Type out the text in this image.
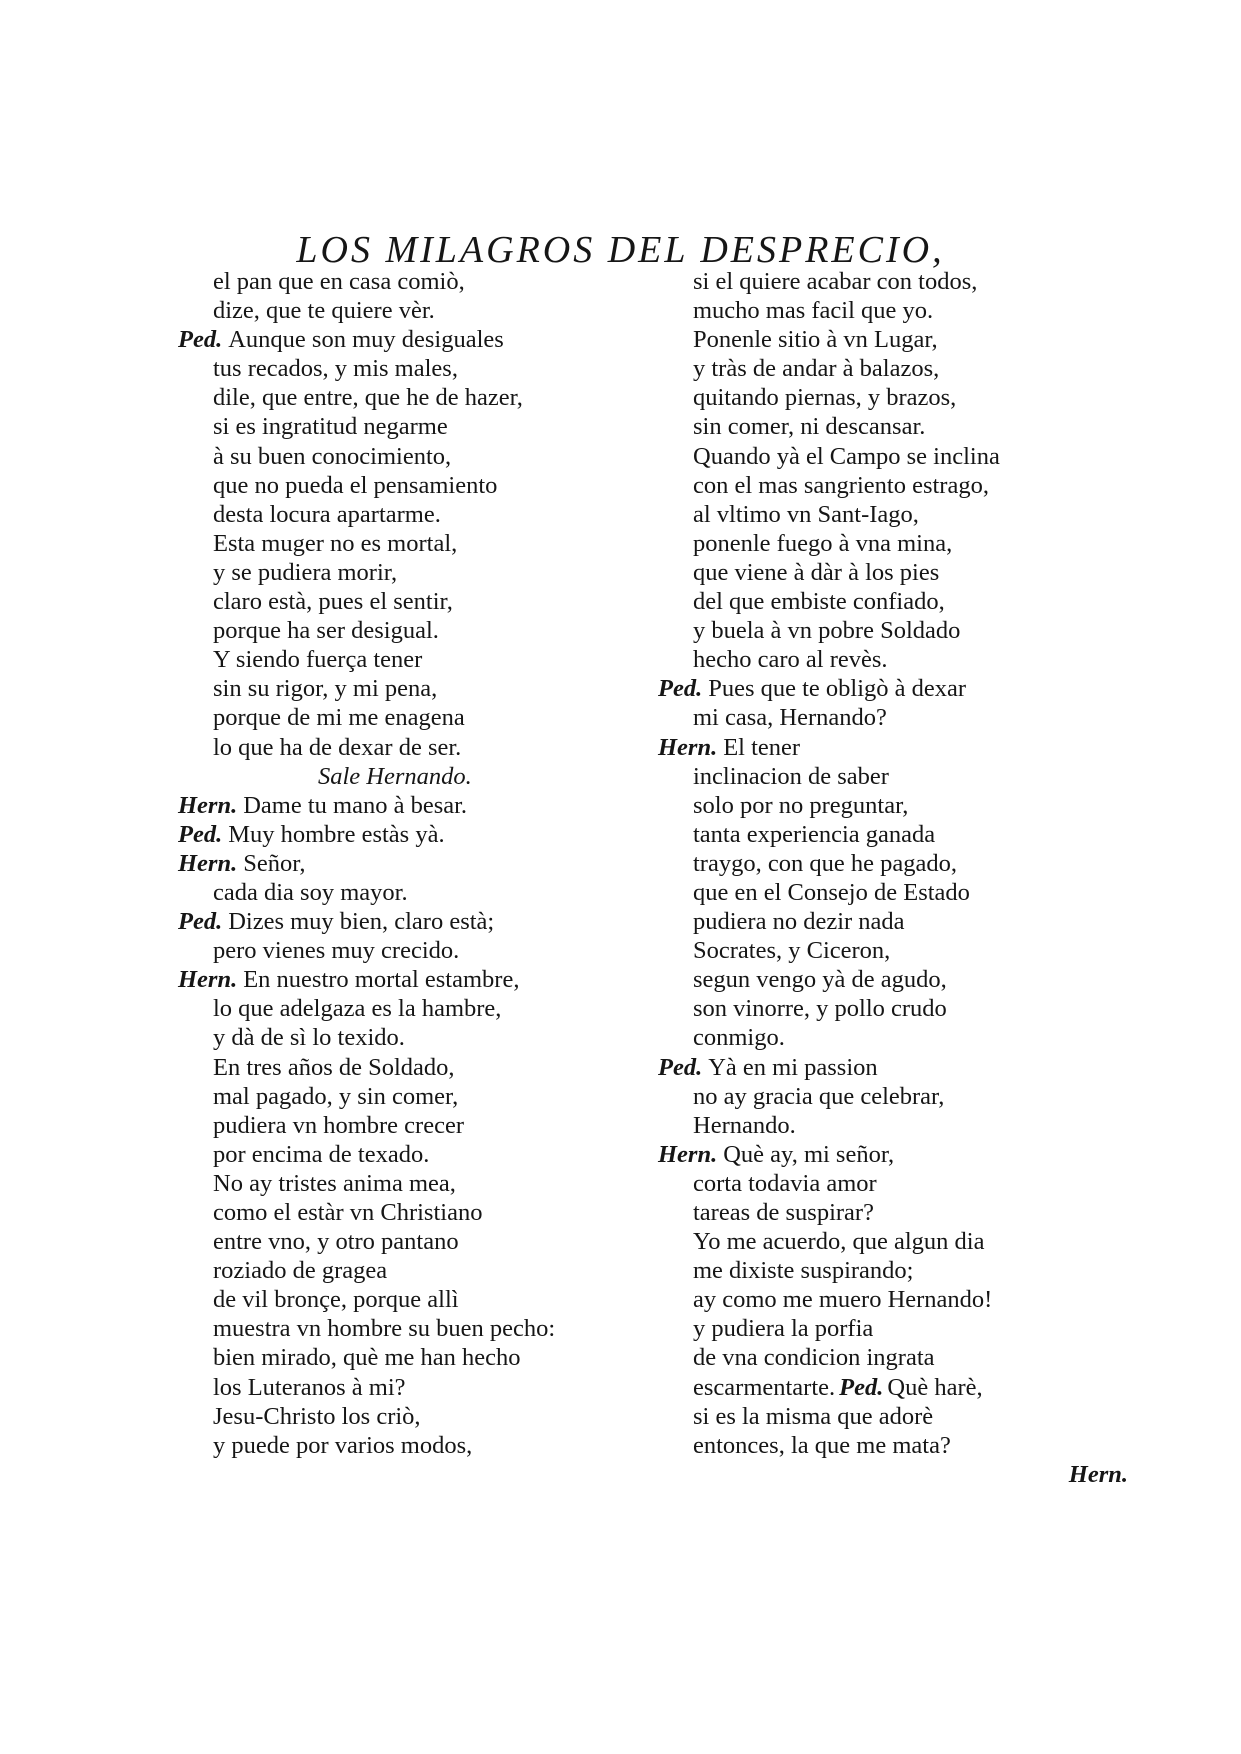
LOS MILAGROS DEL DESPRECIO,
el pan que en casa comiò,
dize, que te quiere vèr.
Ped. Aunque son muy desiguales
tus recados, y mis males,
dile, que entre, que he de hazer,
si es ingratitud negarme
à su buen conocimiento,
que no pueda el pensamiento
desta locura apartarme.
Esta muger no es mortal,
y se pudiera morir,
claro està, pues el sentir,
porque ha ser desigual.
Y siendo fuerça tener
sin su rigor, y mi pena,
porque de mi me enagena
lo que ha de dexar de ser.
Sale Hernando.
Hern. Dame tu mano à besar.
Ped. Muy hombre estàs yà.
Hern. Señor,
cada dia soy mayor.
Ped. Dizes muy bien, claro està;
pero vienes muy crecido.
Hern. En nuestro mortal estambre,
lo que adelgaza es la hambre,
y dà de sì lo texido.
En tres años de Soldado,
mal pagado, y sin comer,
pudiera vn hombre crecer
por encima de texado.
No ay tristes anima mea,
como el estàr vn Christiano
entre vno, y otro pantano
roziado de gragea
de vil bronçe, porque allì
muestra vn hombre su buen pecho:
bien mirado, què me han hecho
los Luteranos à mi?
Jesu-Christo los criò,
y puede por varios modos,
si el quiere acabar con todos,
mucho mas facil que yo.
Ponenle sitio à vn Lugar,
y tràs de andar à balazos,
quitando piernas, y brazos,
sin comer, ni descansar.
Quando yà el Campo se inclina
con el mas sangriento estrago,
al vltimo vn Sant-Iago,
ponenle fuego à vna mina,
que viene à dàr à los pies
del que embiste confiado,
y buela à vn pobre Soldado
hecho caro al revès.
Ped. Pues que te obligò à dexar
mi casa, Hernando?
Hern. El tener
inclinacion de saber
solo por no preguntar,
tanta experiencia ganada
traygo, con que he pagado,
que en el Consejo de Estado
pudiera no dezir nada
Socrates, y Ciceron,
segun vengo yà de agudo,
son vinorre, y pollo crudo
conmigo.
Ped. Yà en mi passion
no ay gracia que celebrar,
Hernando.
Hern. Què ay, mi señor,
corta todavia amor
tareas de suspirar?
Yo me acuerdo, que algun dia
me dixiste suspirando;
ay como me muero Hernando!
y pudiera la porfia
de vna condicion ingrata
escarmentarte. Ped. Què harè,
si es la misma que adorè
entonces, la que me mata?
Hern.
